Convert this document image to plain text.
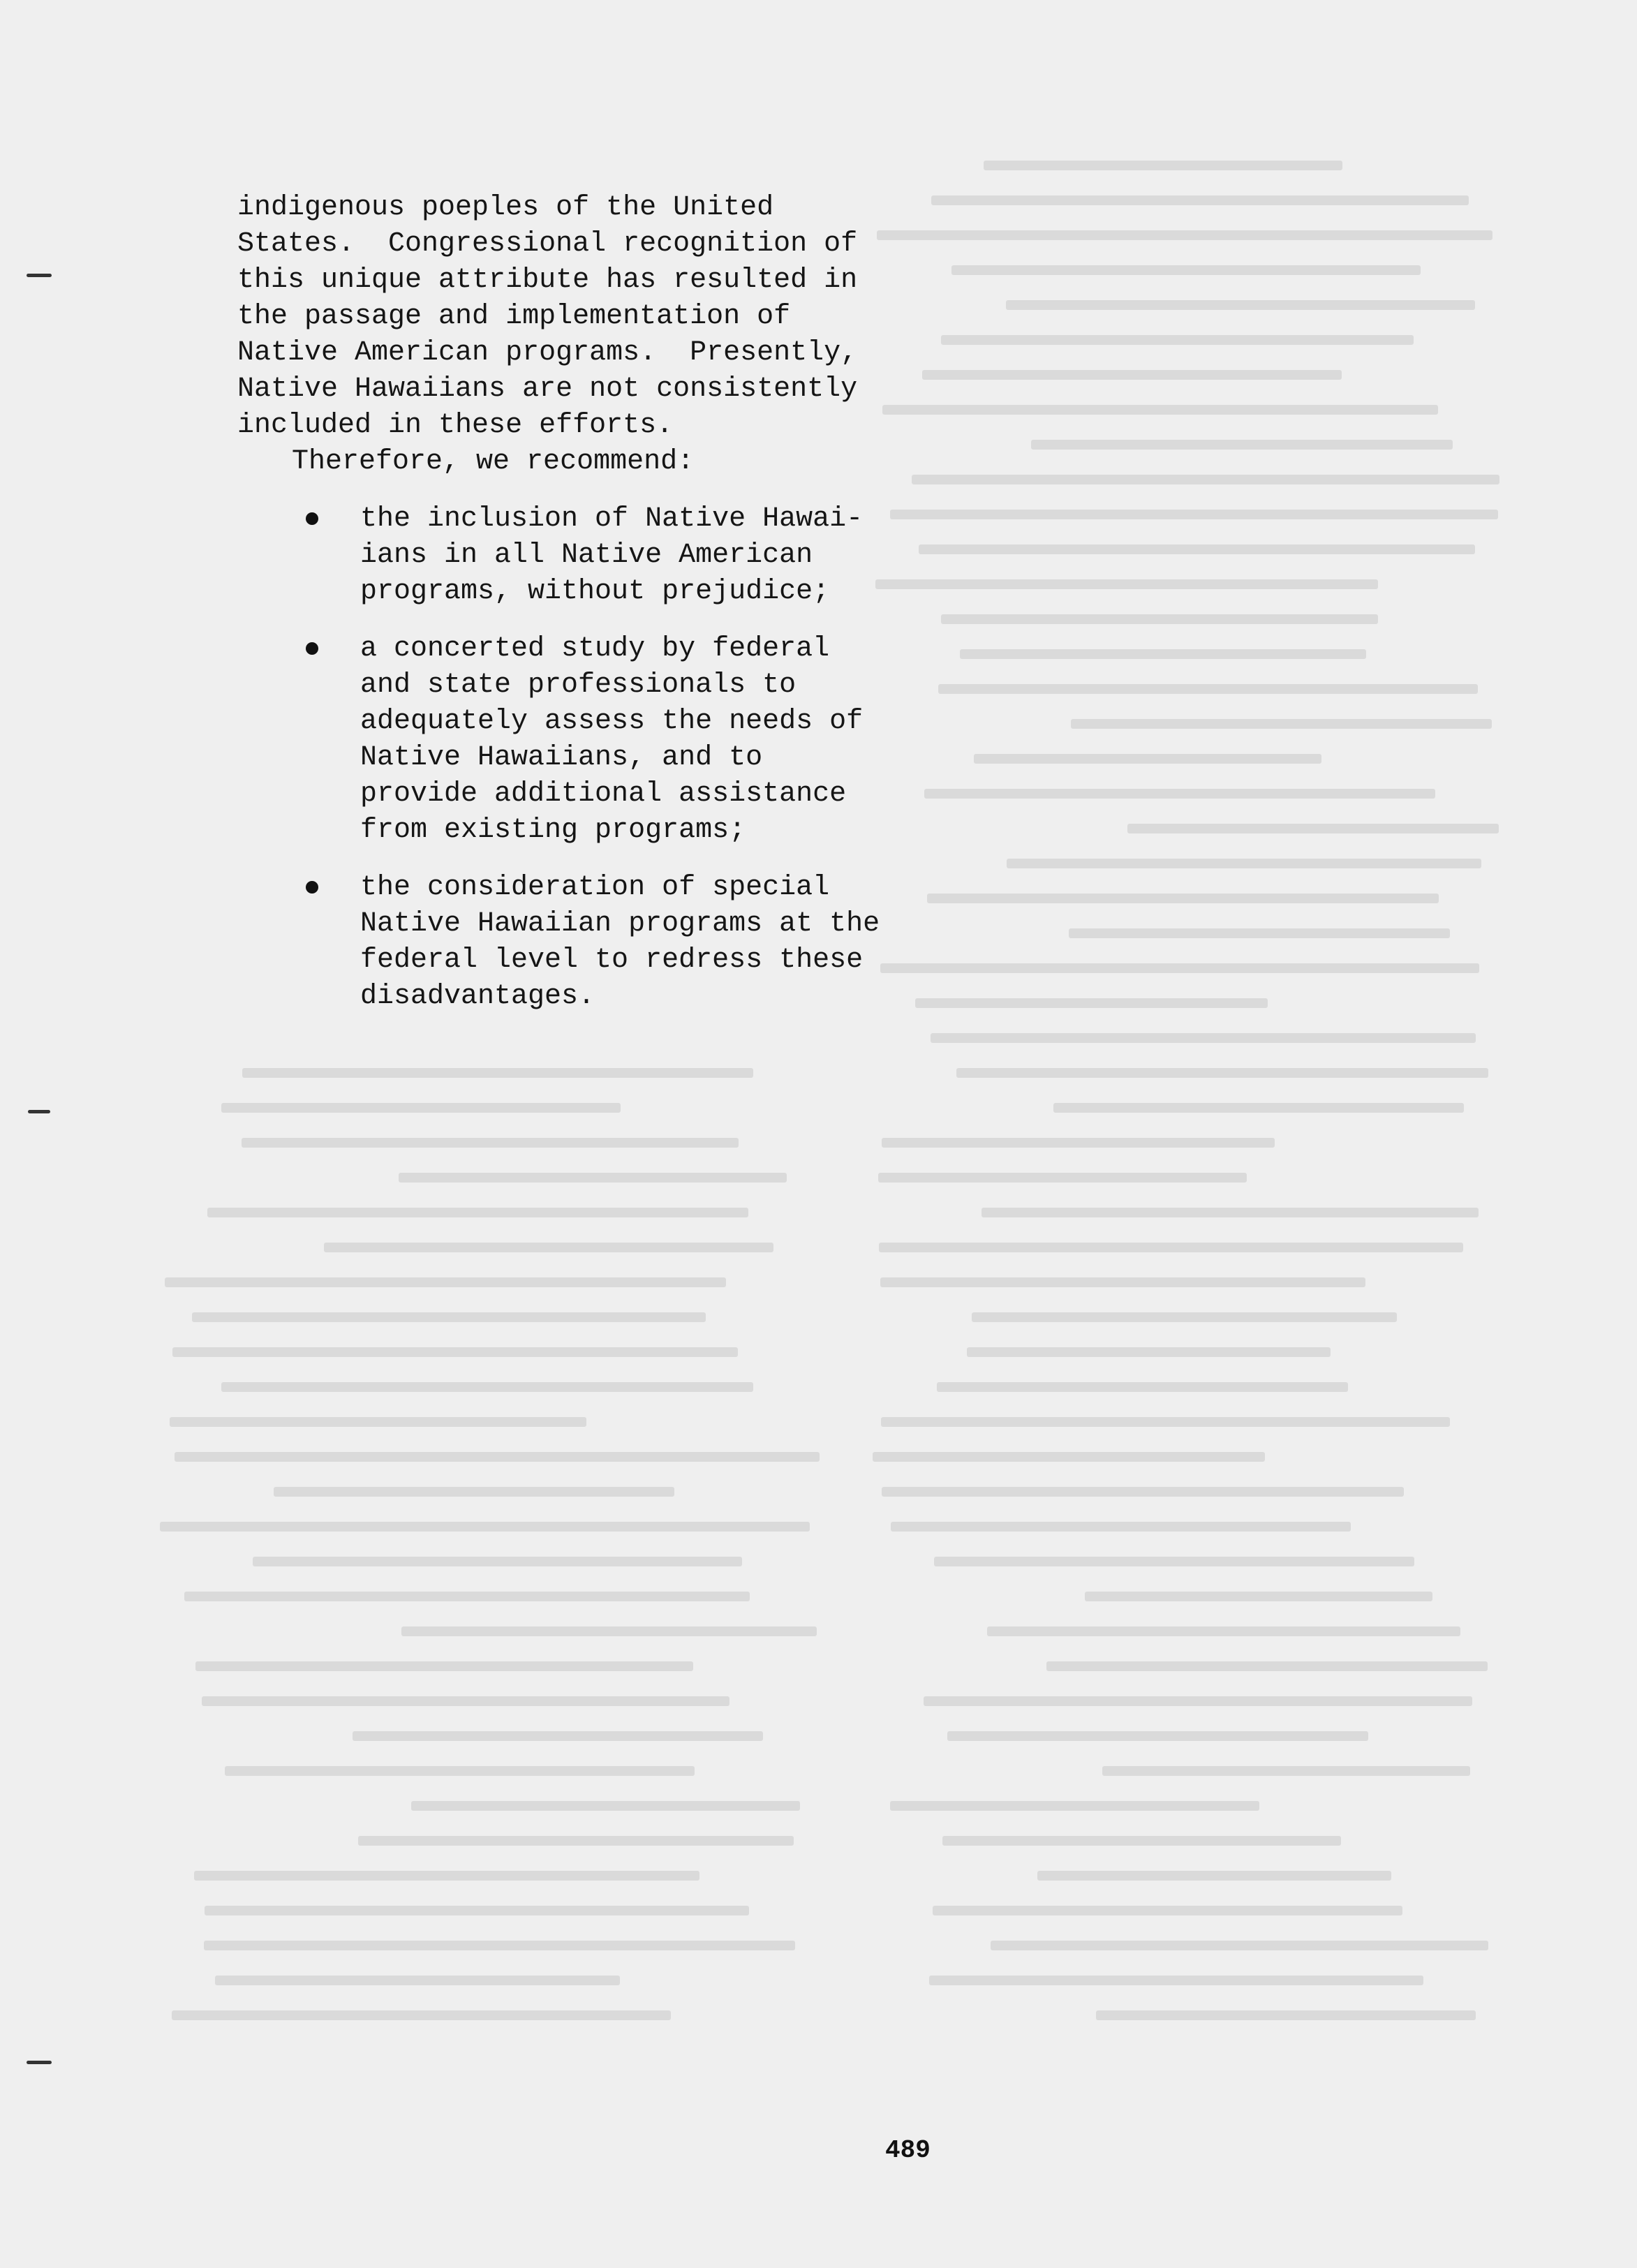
indigenous poeples of the United

States.  Congressional recognition of

this unique attribute has resulted in

the passage and implementation of

Native American programs.  Presently,

Native Hawaiians are not consistently

included in these efforts.

Therefore, we recommend:

the inclusion of Native Hawai-

ians in all Native American

programs, without prejudice;

a concerted study by federal

and state professionals to

adequately assess the needs of

Native Hawaiians, and to

provide additional assistance

from existing programs;

the consideration of special

Native Hawaiian programs at the

federal level to redress these

disadvantages.

489
